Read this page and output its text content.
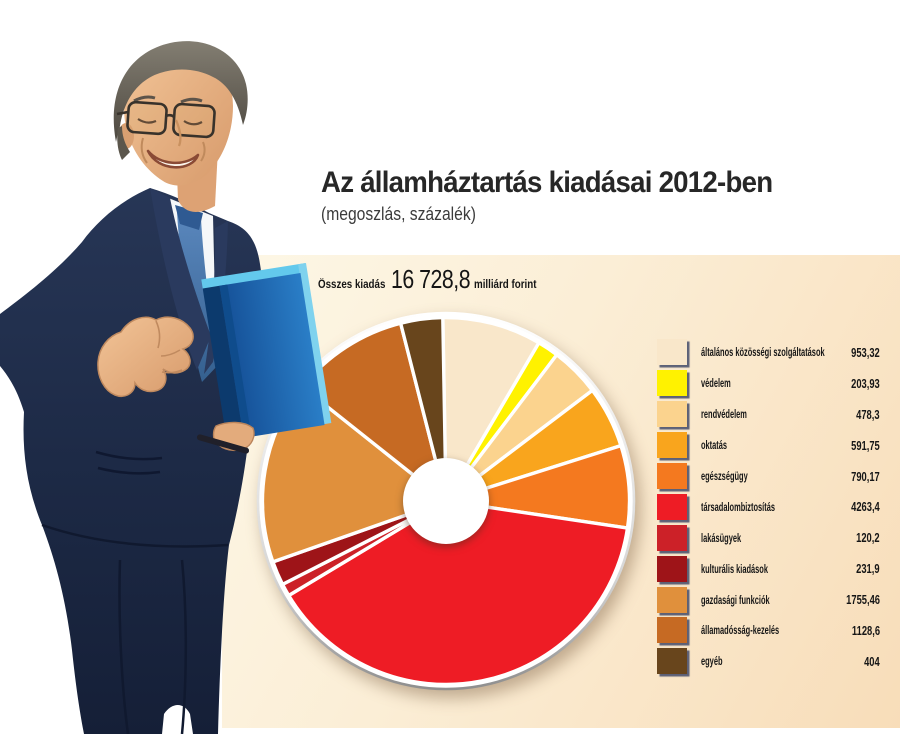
Az államháztartás kiadásai 2012-ben
(megoszlás, százalék)
Összes kiadás 16 728,8 milliárd forint
általános közösségi szolgáltatások 953,32
védelem	203,93
rendvédelem	478,3
oktatás	591,75
egészségügy	790,17
társadalombiztosítás	4263,4
lakásügyek	120,2
kulturális kiadások	231,9
gazdasági funkciók	1755,46
államadósság-kezelés	1128,6
egyéb	404
